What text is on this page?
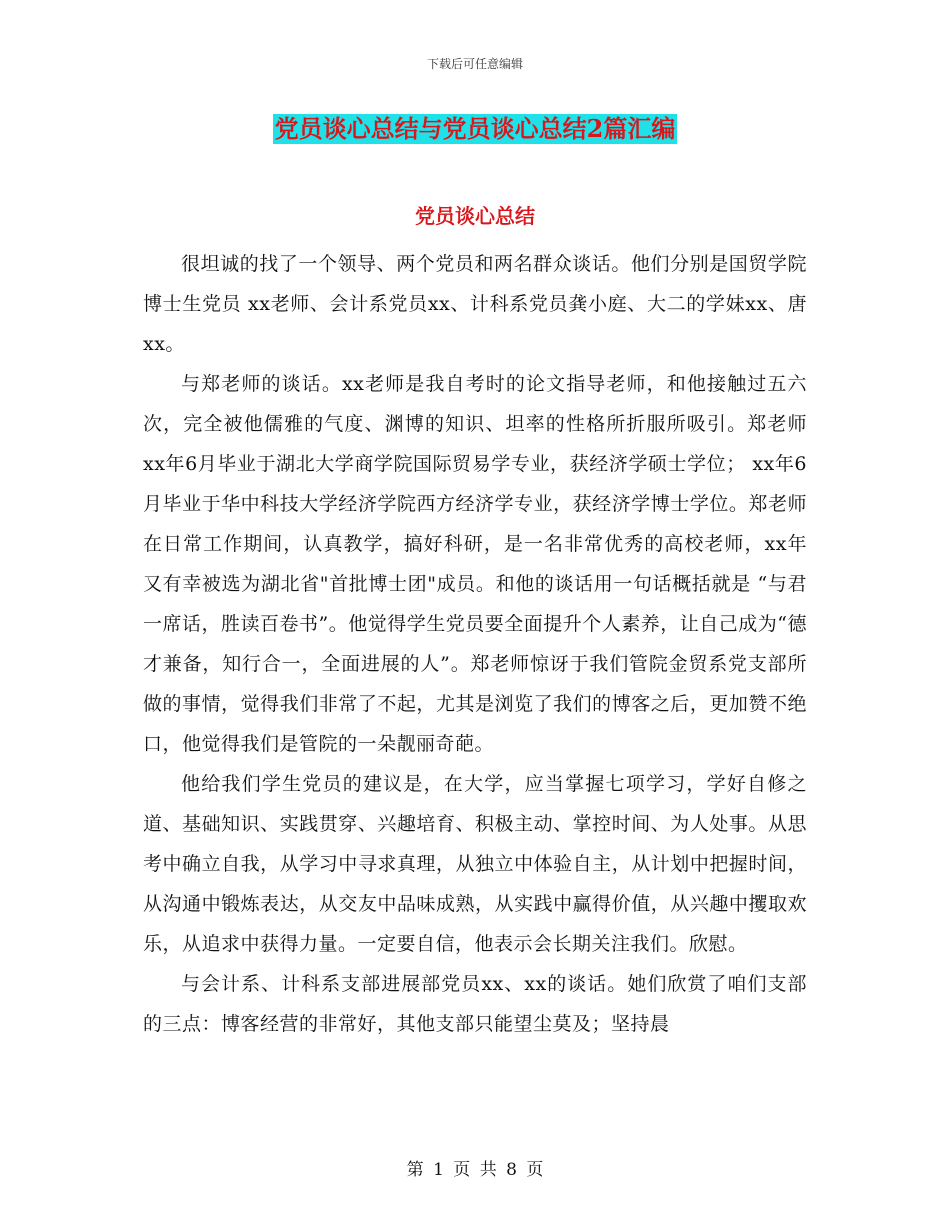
下载后可任意编辑
党员谈心总结与党员谈心总结2篇汇编
党员谈心总结

很坦诚的找了一个领导、两个党员和两名群众谈话。他们分别是国贸学院博士生党员 xx老师、会计系党员xx、计科系党员龚小庭、大二的学妹xx、唐xx。

与郑老师的谈话。xx老师是我自考时的论文指导老师，和他接触过五六次，完全被他儒雅的气度、渊博的知识、坦率的性格所折服所吸引。郑老师xx年6月毕业于湖北大学商学院国际贸易学专业，获经济学硕士学位； xx年6月毕业于华中科技大学经济学院西方经济学专业，获经济学博士学位。郑老师在日常工作期间，认真教学，搞好科研，是一名非常优秀的高校老师，xx年又有幸被选为湖北省"首批博士团"成员。和他的谈话用一句话概括就是 “与君一席话，胜读百卷书”。他觉得学生党员要全面提升个人素养，让自己成为“德才兼备，知行合一，全面进展的人”。郑老师惊讶于我们管院金贸系党支部所做的事情，觉得我们非常了不起，尤其是浏览了我们的博客之后，更加赞不绝口，他觉得我们是管院的一朵靓丽奇葩。

他给我们学生党员的建议是，在大学，应当掌握七项学习，学好自修之道、基础知识、实践贯穿、兴趣培育、积极主动、掌控时间、为人处事。从思考中确立自我，从学习中寻求真理，从独立中体验自主，从计划中把握时间，从沟通中锻炼表达，从交友中品味成熟，从实践中赢得价值，从兴趣中攫取欢乐，从追求中获得力量。一定要自信，他表示会长期关注我们。欣慰。

与会计系、计科系支部进展部党员xx、xx的谈话。她们欣赏了咱们支部的三点：博客经营的非常好，其他支部只能望尘莫及；坚持晨

第 1 页 共 8 页
